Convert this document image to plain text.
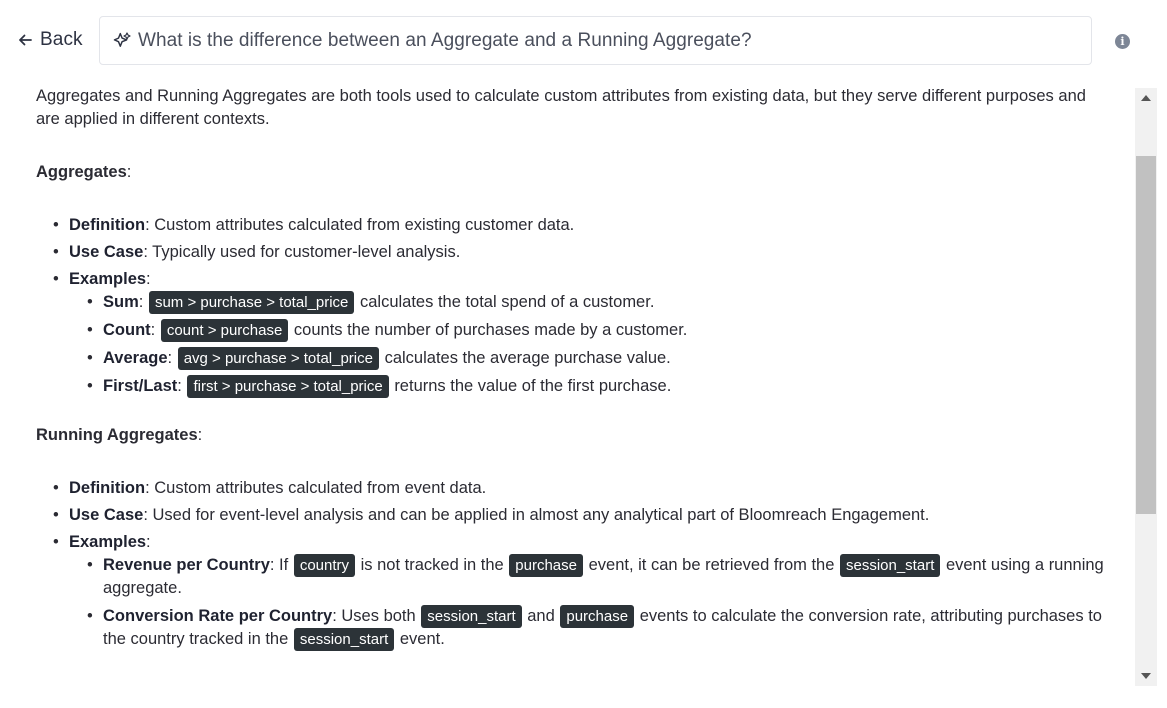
Back	What is the difference between an Aggregate and a Running Aggregate?	i

Aggregates and Running Aggregates are both tools used to calculate custom attributes from existing data, but they serve different purposes and are applied in different contexts.

Aggregates:

• Definition: Custom attributes calculated from existing customer data.
• Use Case: Typically used for customer-level analysis.
• Examples:
• Sum: sum > purchase > total_price calculates the total spend of a customer.
• Count: count > purchase counts the number of purchases made by a customer.
• Average: avg > purchase > total_price calculates the average purchase value.
• First/Last: first > purchase > total_price returns the value of the first purchase.

Running Aggregates:

• Definition: Custom attributes calculated from event data.
• Use Case: Used for event-level analysis and can be applied in almost any analytical part of Bloomreach Engagement.
• Examples:
• Revenue per Country: If country is not tracked in the purchase event, it can be retrieved from the session_start event using a running aggregate.
• Conversion Rate per Country: Uses both session_start and purchase events to calculate the conversion rate, attributing purchases to the country tracked in the session_start event.
